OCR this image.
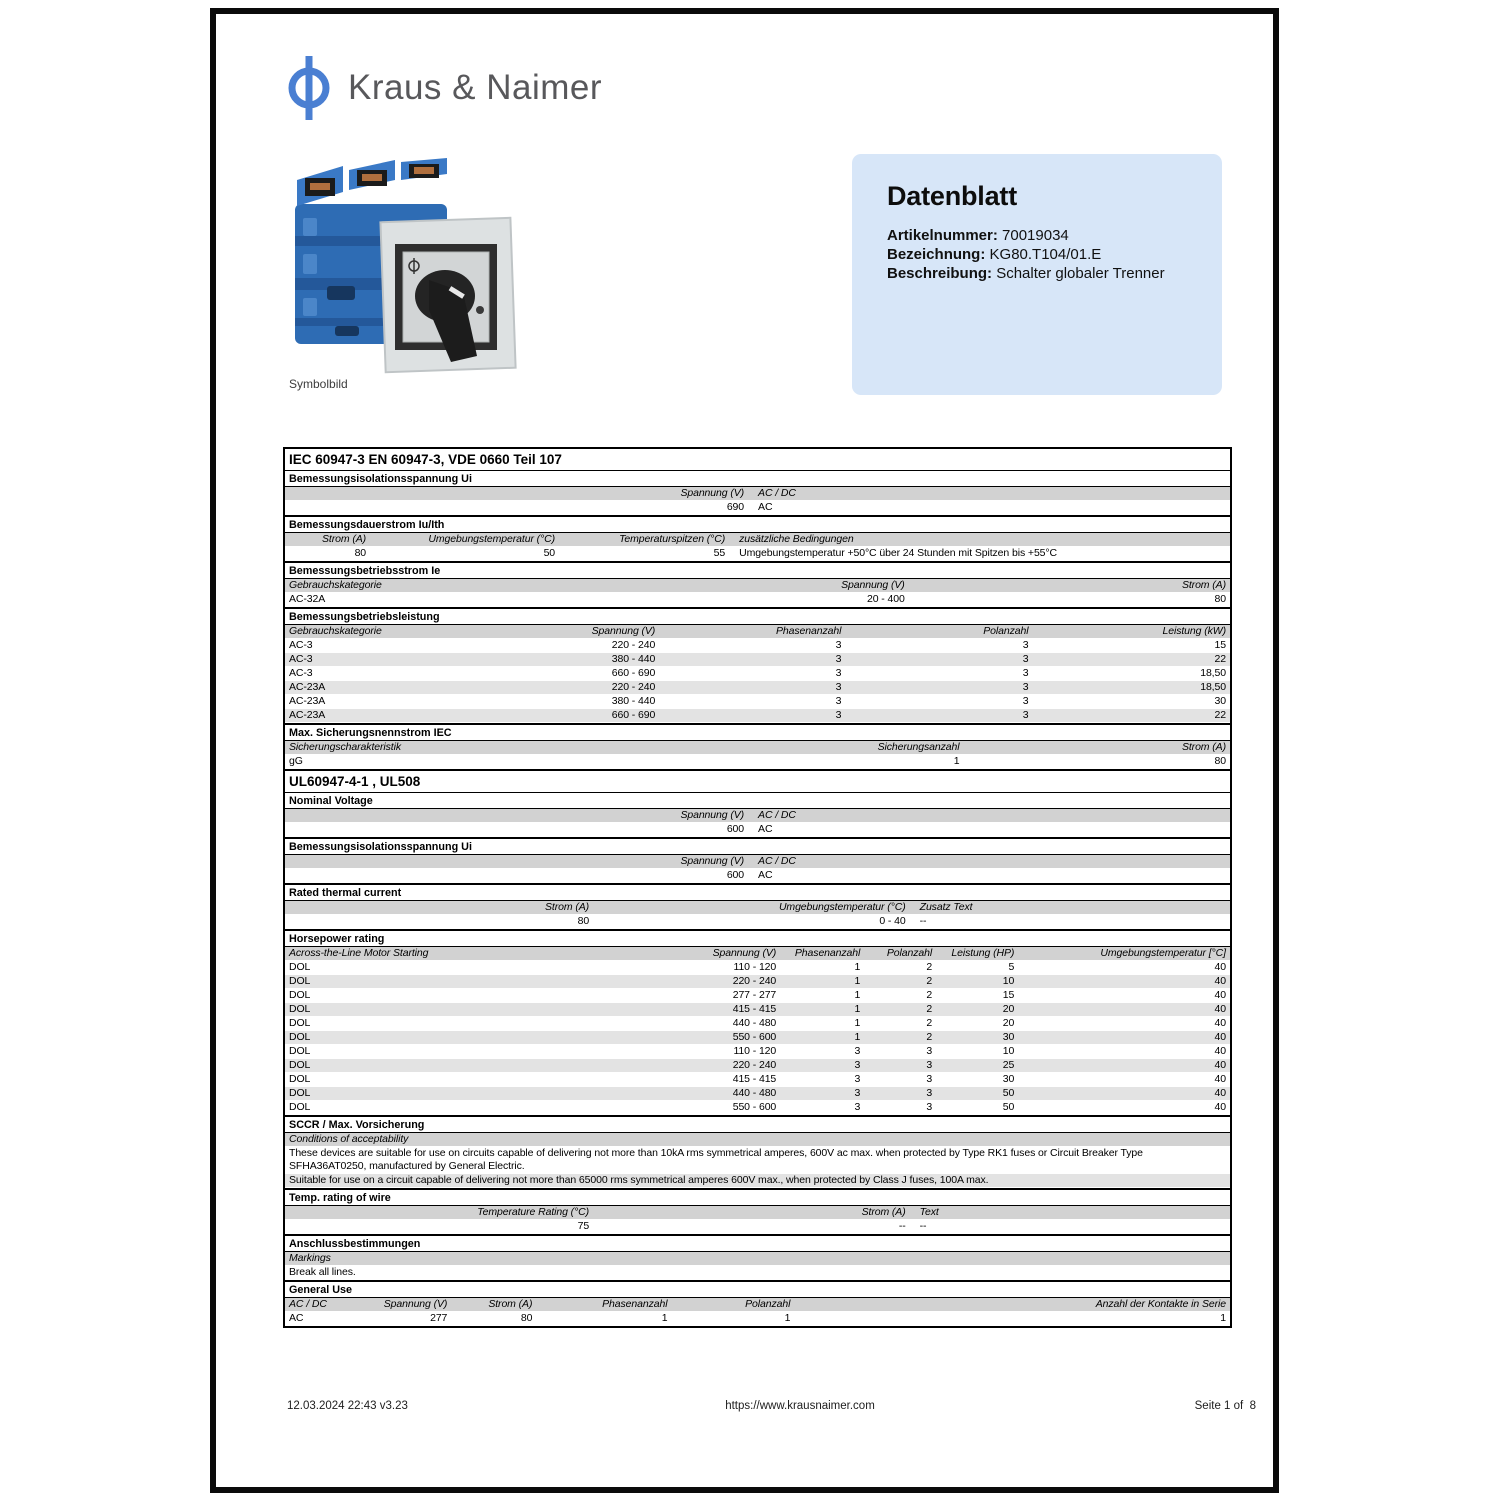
Kraus & Naimer
Symbolbild
Datenblatt
Artikelnummer: 70019034
Bezeichnung: KG80.T104/01.E
Beschreibung: Schalter globaler Trenner
IEC 60947-3 EN 60947-3, VDE 0660 Teil 107
Bemessungsisolationsspannung Ui
Spannung (V)	AC / DC
690	AC
Bemessungsdauerstrom Iu/Ith
Strom (A)	Umgebungstemperatur (°C)	Temperaturspitzen (°C)	zusätzliche Bedingungen
80	50	55	Umgebungstemperatur +50°C über 24 Stunden mit Spitzen bis +55°C
Bemessungsbetriebsstrom Ie
Gebrauchskategorie	Spannung (V)	Strom (A)
AC-32A	20 - 400	80
Bemessungsbetriebsleistung
Gebrauchskategorie	Spannung (V)	Phasenanzahl	Polanzahl	Leistung (kW)
AC-3	220 - 240	3	3	15
AC-3	380 - 440	3	3	22
AC-3	660 - 690	3	3	18,50
AC-23A	220 - 240	3	3	18,50
AC-23A	380 - 440	3	3	30
AC-23A	660 - 690	3	3	22
Max. Sicherungsnennstrom IEC
Sicherungscharakteristik	Sicherungsanzahl	Strom (A)
gG	1	80
UL60947-4-1 , UL508
Nominal Voltage
Spannung (V)	AC / DC
600	AC
Bemessungsisolationsspannung Ui
Spannung (V)	AC / DC
600	AC
Rated thermal current
Strom (A)	Umgebungstemperatur (°C)	Zusatz Text
80	0 - 40	--
Horsepower rating
Across-the-Line Motor Starting	Spannung (V)	Phasenanzahl	Polanzahl	Leistung (HP)	Umgebungstemperatur [°C]
DOL	110 - 120	1	2	5	40
DOL	220 - 240	1	2	10	40
DOL	277 - 277	1	2	15	40
DOL	415 - 415	1	2	20	40
DOL	440 - 480	1	2	20	40
DOL	550 - 600	1	2	30	40
DOL	110 - 120	3	3	10	40
DOL	220 - 240	3	3	25	40
DOL	415 - 415	3	3	30	40
DOL	440 - 480	3	3	50	40
DOL	550 - 600	3	3	50	40
SCCR / Max. Vorsicherung
Conditions of acceptability
These devices are suitable for use on circuits capable of delivering not more than 10kA rms symmetrical amperes, 600V ac max. when protected by Type RK1 fuses or Circuit Breaker Type SFHA36AT0250, manufactured by General Electric.
Suitable for use on a circuit capable of delivering not more than 65000 rms symmetrical amperes 600V max., when protected by Class J fuses, 100A max.
Temp. rating of wire
Temperature Rating (°C)	Strom (A)	Text
75	--	--
Anschlussbestimmungen
Markings
Break all lines.
General Use
AC / DC	Spannung (V)	Strom (A)	Phasenanzahl	Polanzahl	Anzahl der Kontakte in Serie
AC	277	80	1	1	1
12.03.2024 22:43 v3.23	https://www.krausnaimer.com	Seite 1 of  8
